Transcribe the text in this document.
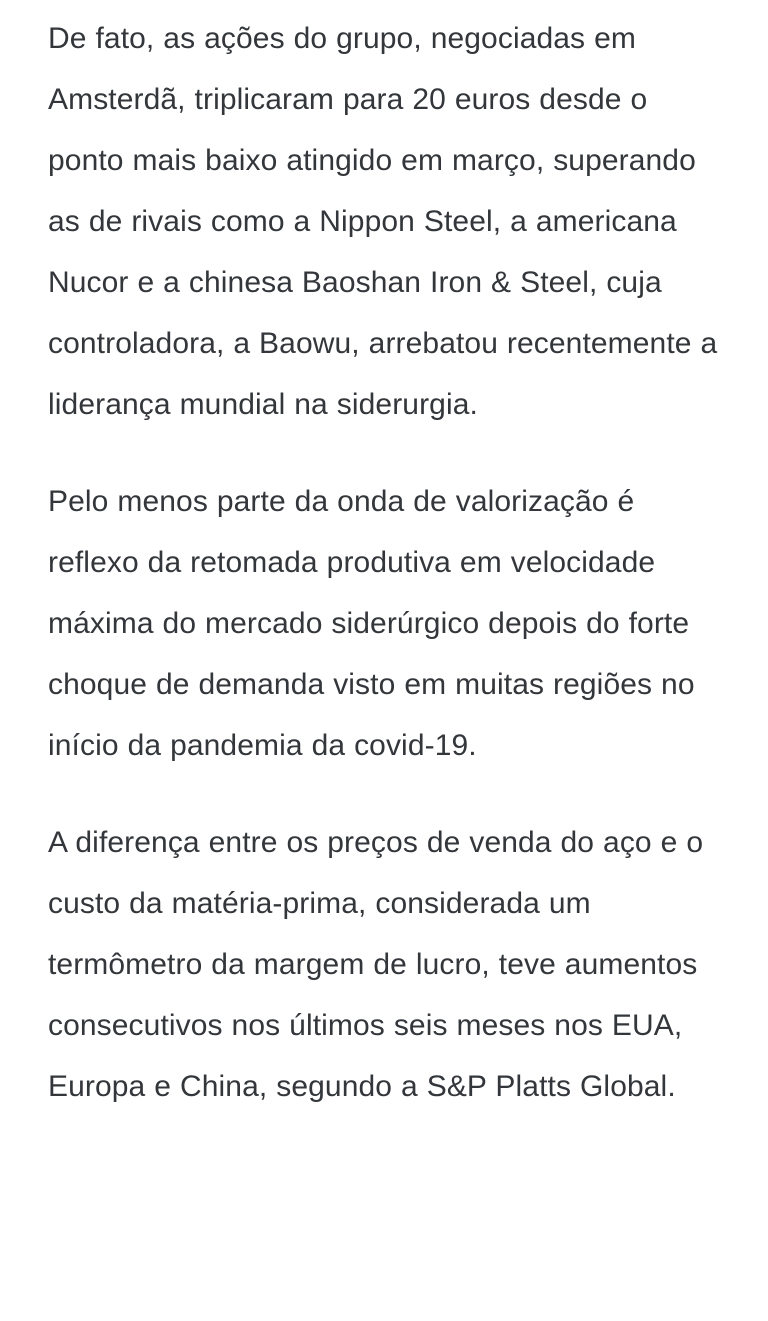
De fato, as ações do grupo, negociadas em Amsterdã, triplicaram para 20 euros desde o ponto mais baixo atingido em março, superando as de rivais como a Nippon Steel, a americana Nucor e a chinesa Baoshan Iron & Steel, cuja controladora, a Baowu, arrebatou recentemente a liderança mundial na siderurgia.

Pelo menos parte da onda de valorização é reflexo da retomada produtiva em velocidade máxima do mercado siderúrgico depois do forte choque de demanda visto em muitas regiões no início da pandemia da covid-19.

A diferença entre os preços de venda do aço e o custo da matéria-prima, considerada um termômetro da margem de lucro, teve aumentos consecutivos nos últimos seis meses nos EUA, Europa e China, segundo a S&P Platts Global.
